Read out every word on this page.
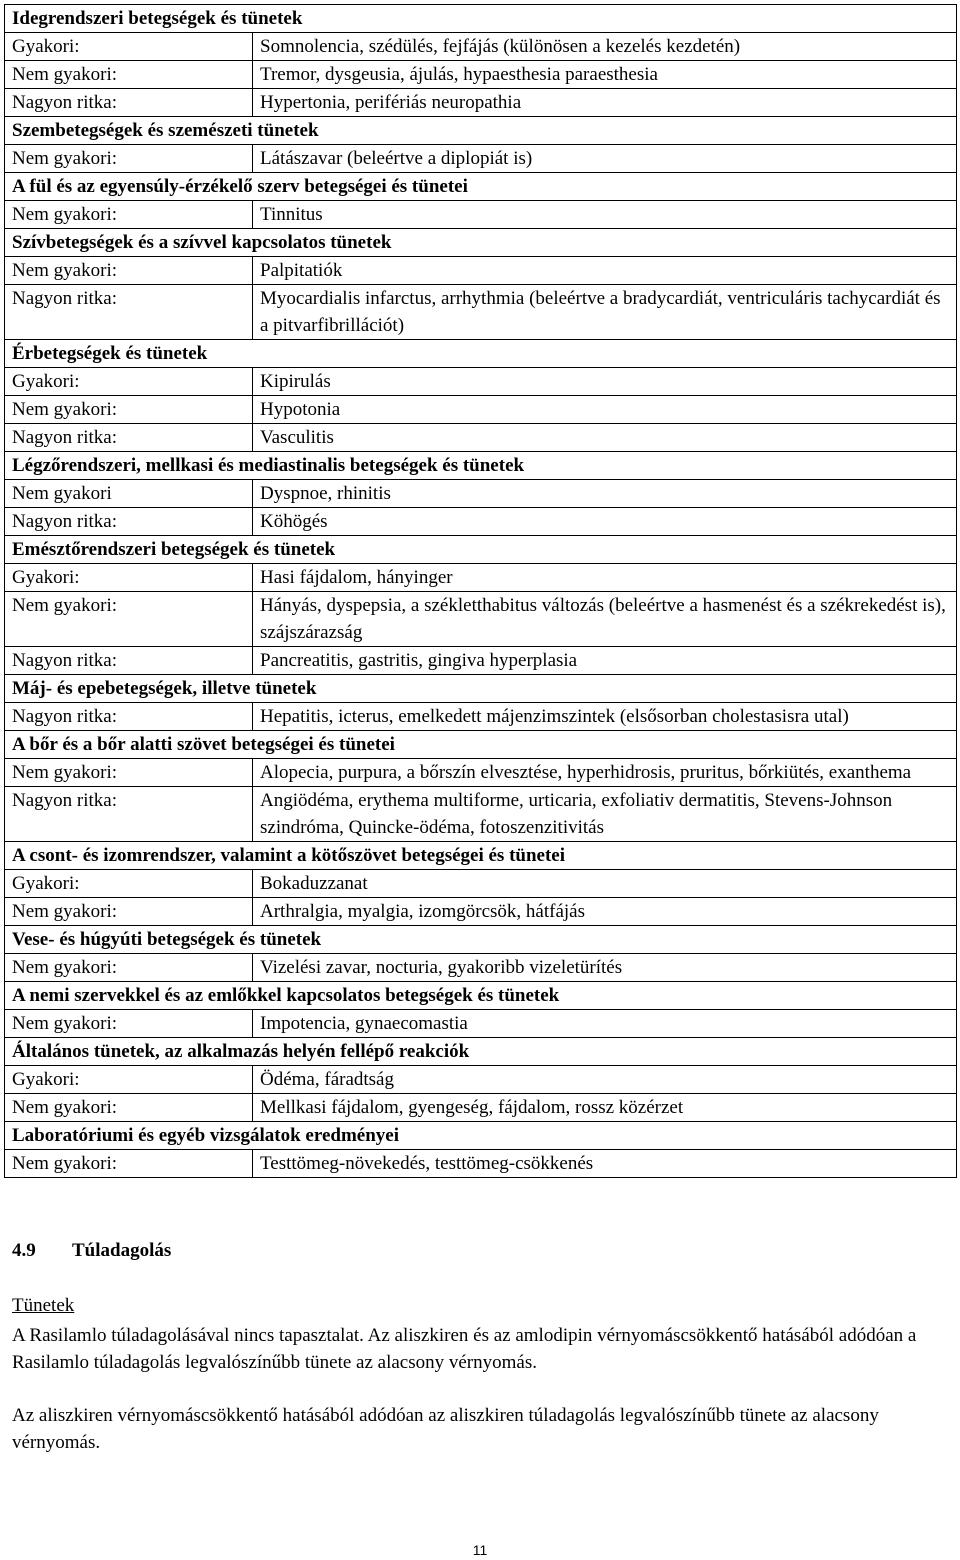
Idegrendszeri betegségek és tünetek	
Gyakori:	Somnolencia, szédülés, fejfájás (különösen a kezelés kezdetén)
Nem gyakori:	Tremor, dysgeusia, ájulás, hypaesthesia paraesthesia
Nagyon ritka:	Hypertonia, perifériás neuropathia
Szembetegségek és szemészeti tünetek	
Nem gyakori:	Látászavar (beleértve a diplopiát is)
A fül és az egyensúly-érzékelő szerv betegségei és tünetei	
Nem gyakori:	Tinnitus
Szívbetegségek és a szívvel kapcsolatos tünetek	
Nem gyakori:	Palpitatiók
Nagyon ritka:	Myocardialis infarctus, arrhythmia (beleértve a bradycardiát, ventriculáris tachycardiát és a pitvarfibrillációt)
Érbetegségek és tünetek	
Gyakori:	Kipirulás
Nem gyakori:	Hypotonia
Nagyon ritka:	Vasculitis
Légzőrendszeri, mellkasi és mediastinalis betegségek és tünetek	
Nem gyakori	Dyspnoe, rhinitis
Nagyon ritka:	Köhögés
Emésztőrendszeri betegségek és tünetek	
Gyakori:	Hasi fájdalom, hányinger
Nem gyakori:	Hányás, dyspepsia, a székletthabitus változás (beleértve a hasmenést és a székrekedést is), szájszárazság
Nagyon ritka:	Pancreatitis, gastritis, gingiva hyperplasia
Máj- és epebetegségek, illetve tünetek	
Nagyon ritka:	Hepatitis, icterus, emelkedett májenzimszintek (elsősorban cholestasisra utal)
A bőr és a bőr alatti szövet betegségei és tünetei	
Nem gyakori:	Alopecia, purpura, a bőrszín elvesztése, hyperhidrosis, pruritus, bőrkiütés, exanthema
Nagyon ritka:	Angiödéma, erythema multiforme, urticaria, exfoliativ dermatitis, Stevens-Johnson szindróma, Quincke-ödéma, fotoszenzitivitás
A csont- és izomrendszer, valamint a kötőszövet betegségei és tünetei	
Gyakori:	Bokaduzzanat
Nem gyakori:	Arthralgia, myalgia, izomgörcsök, hátfájás
Vese- és húgyúti betegségek és tünetek	
Nem gyakori:	Vizelési zavar, nocturia, gyakoribb vizeletürítés
A nemi szervekkel és az emlőkkel kapcsolatos betegségek és tünetek	
Nem gyakori:	Impotencia, gynaecomastia
Általános tünetek, az alkalmazás helyén fellépő reakciók	
Gyakori:	Ödéma, fáradtság
Nem gyakori:	Mellkasi fájdalom, gyengeség, fájdalom, rossz közérzet
Laboratóriumi és egyéb vizsgálatok eredményei	
Nem gyakori:	Testtömeg-növekedés, testtömeg-csökkenés
4.9 Túladagolás
Tünetek
A Rasilamlo túladagolásával nincs tapasztalat. Az aliszkiren és az amlodipin vérnyomáscsökkentő hatásából adódóan a Rasilamlo túladagolás legvalószínűbb tünete az alacsony vérnyomás.
Az aliszkiren vérnyomáscsökkentő hatásából adódóan az aliszkiren túladagolás legvalószínűbb tünete az alacsony vérnyomás.
11
